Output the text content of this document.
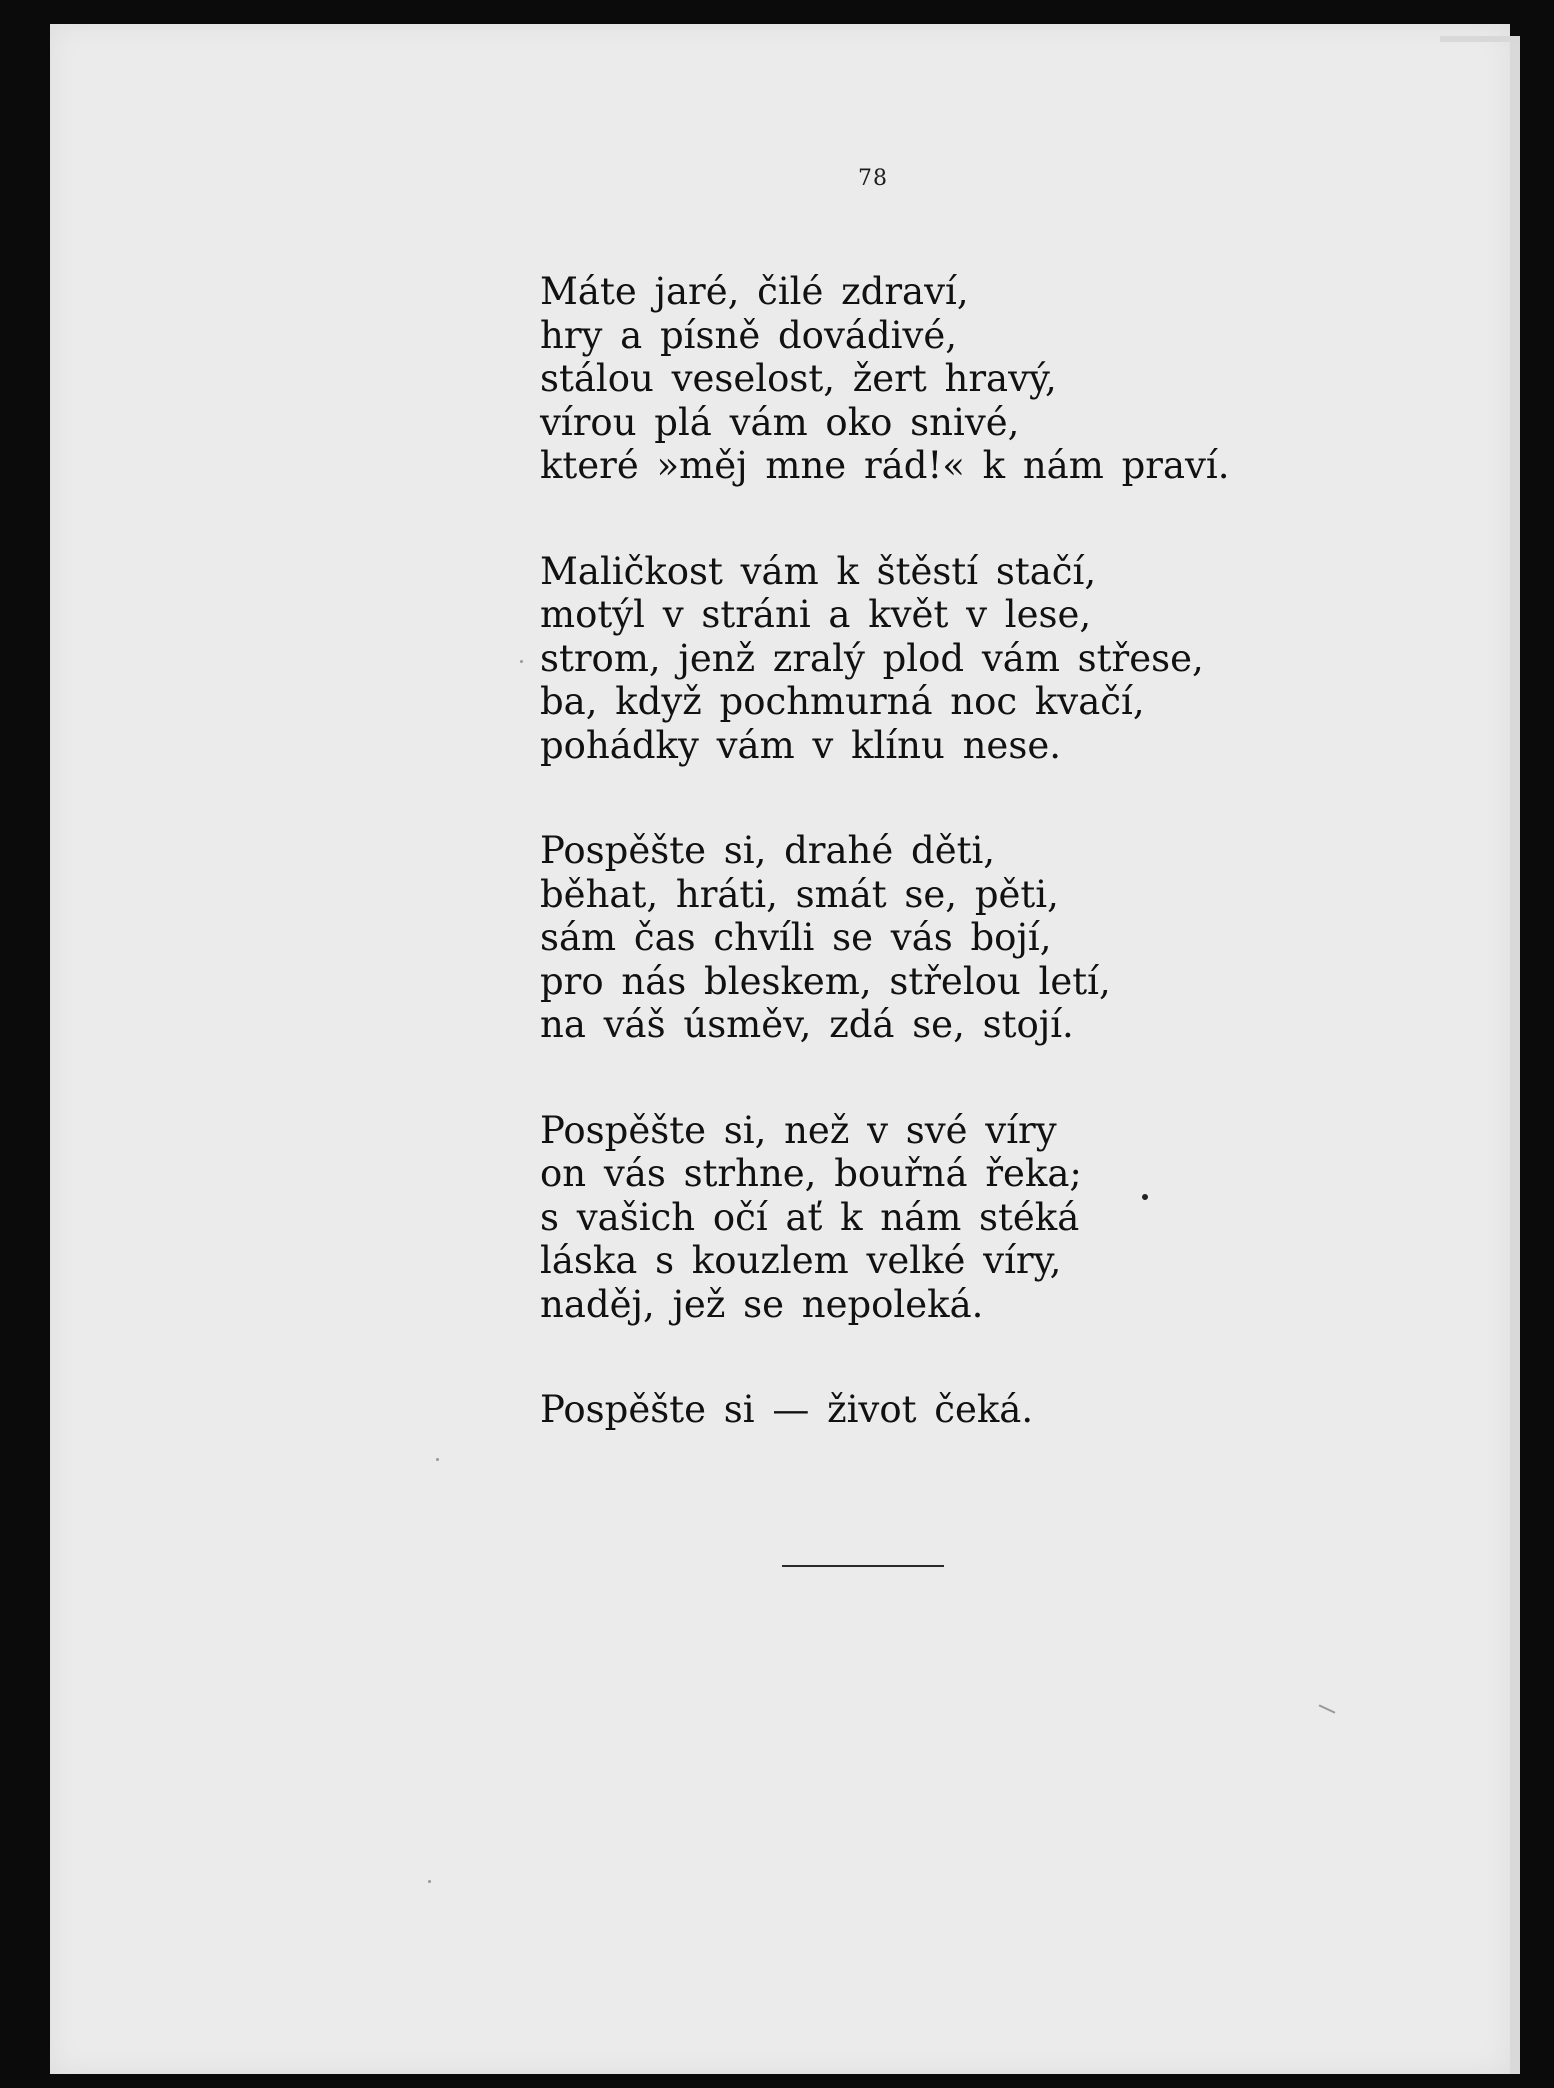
78
Máte jaré, čilé zdraví,
hry a písně dovádivé,
stálou veselost, žert hravý,
vírou plá vám oko snivé,
které »měj mne rád!« k nám praví.
Maličkost vám k štěstí stačí,
motýl v stráni a květ v lese,
strom, jenž zralý plod vám střese,
ba, když pochmurná noc kvačí,
pohádky vám v klínu nese.
Pospěšte si, drahé děti,
běhat, hráti, smát se, pěti,
sám čas chvíli se vás bojí,
pro nás bleskem, střelou letí,
na váš úsměv, zdá se, stojí.
Pospěšte si, než v své víry
on vás strhne, bouřná řeka;
s vašich očí ať k nám stéká
láska s kouzlem velké víry,
naděj, jež se nepoleká.
Pospěšte si — život čeká.
